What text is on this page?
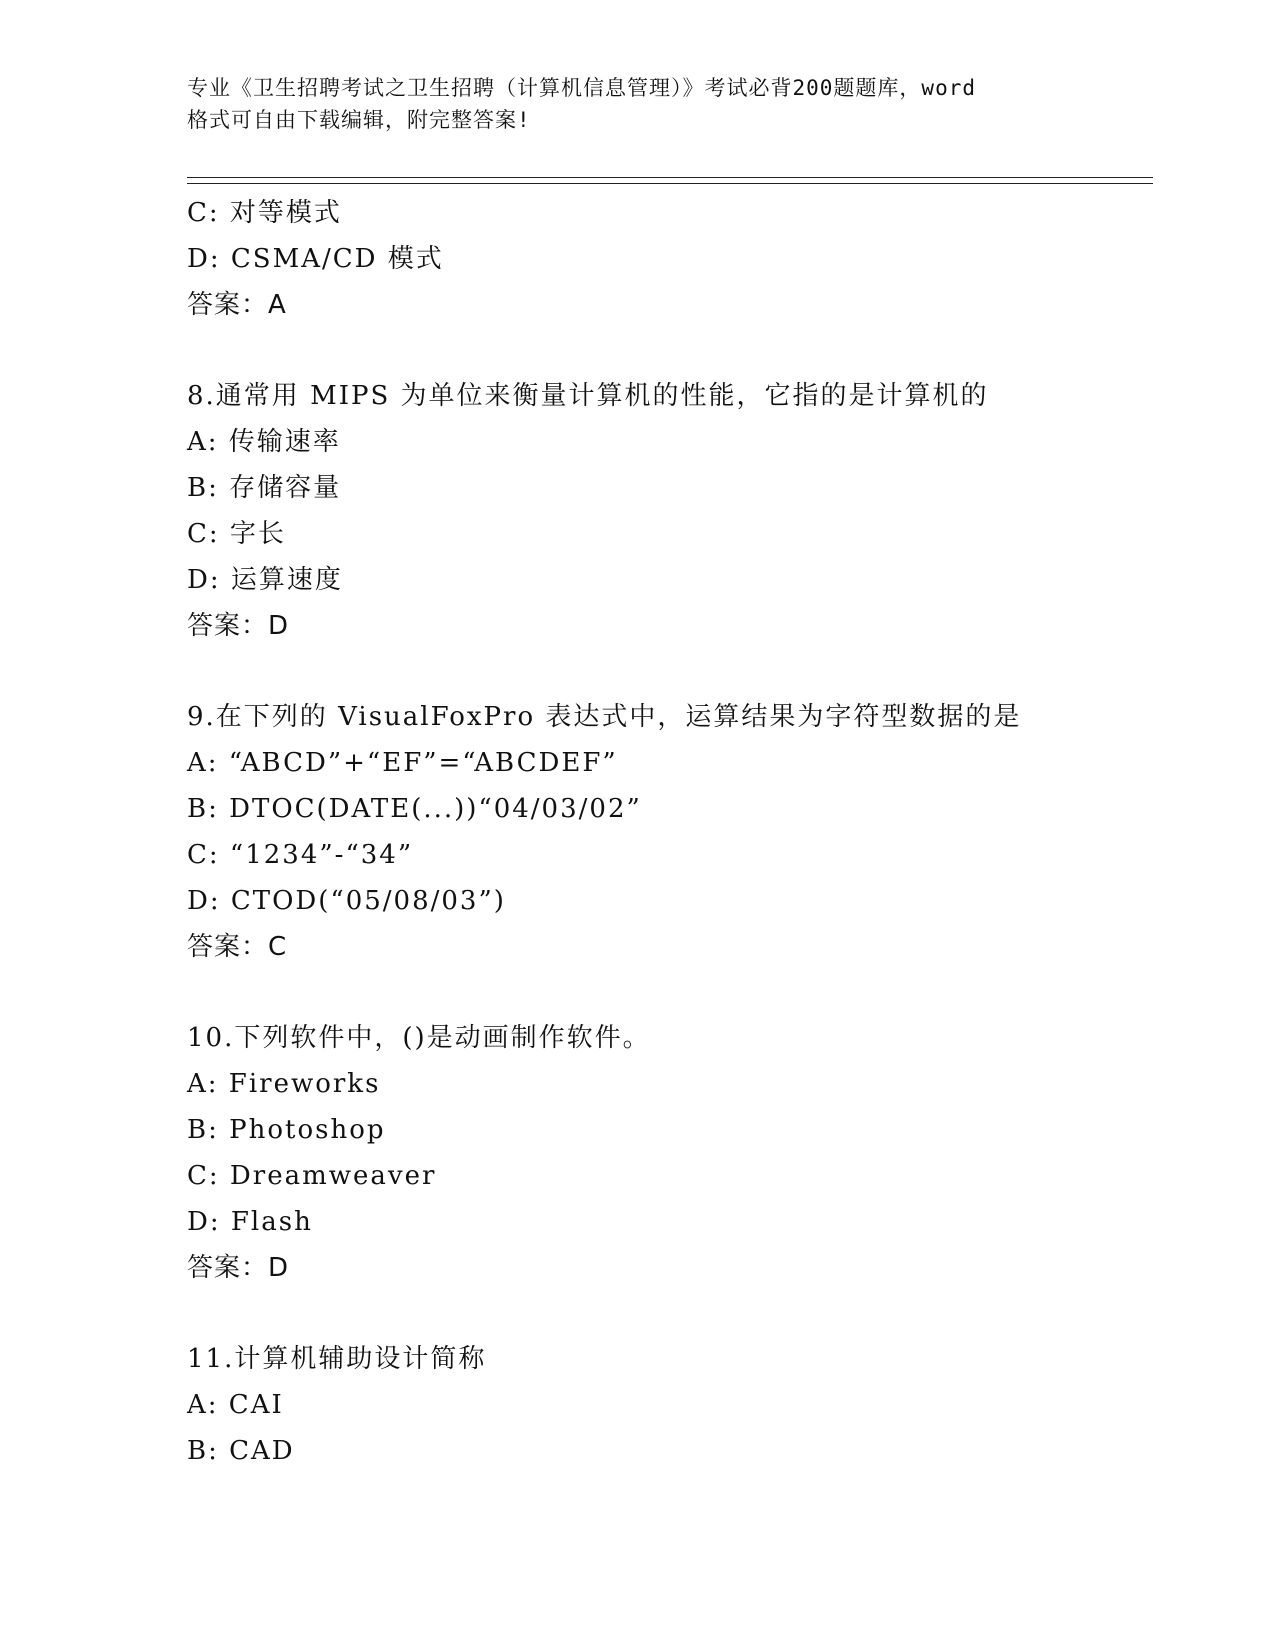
专业《卫生招聘考试之卫生招聘（计算机信息管理）》考试必背200题题库，word
格式可自由下载编辑，附完整答案!
C: 对等模式
D: CSMA/CD 模式
答案：A
8.通常用 MIPS 为单位来衡量计算机的性能，它指的是计算机的
A: 传输速率
B: 存储容量
C: 字长
D: 运算速度
答案：D
9.在下列的 VisualFoxPro 表达式中，运算结果为字符型数据的是
A: “ABCD”+“EF”=“ABCDEF”
B: DTOC(DATE(...))“04/03/02”
C: “1234”-“34”
D: CTOD(“05/08/03”)
答案：C
10.下列软件中，()是动画制作软件。
A: Fireworks
B: Photoshop
C: Dreamweaver
D: Flash
答案：D
11.计算机辅助设计简称
A: CAI
B: CAD
